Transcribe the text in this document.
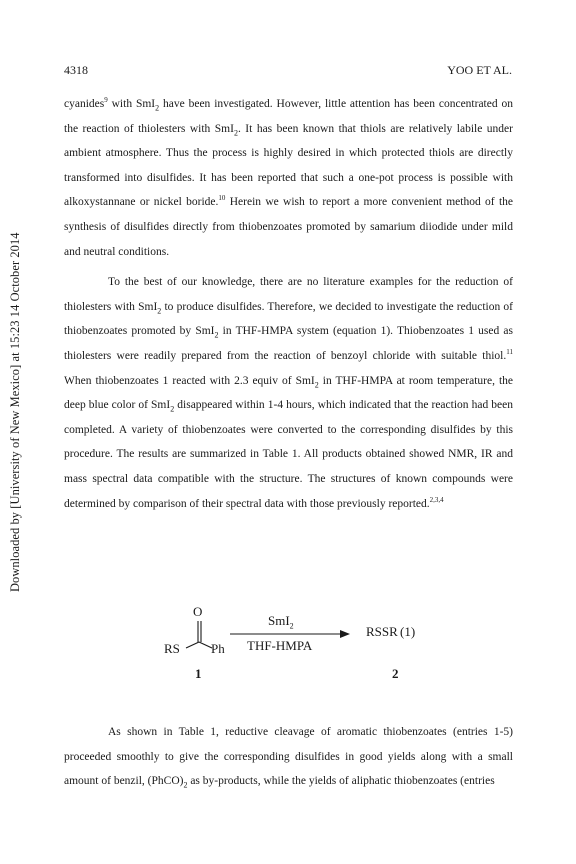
4318	YOO ET AL.
Downloaded by [University of New Mexico] at 15:23 14 October 2014

cyanides$^9$ with SmI$_2$ have been investigated. However, little attention has been concentrated on the reaction of thiolesters with SmI$_2$. It has been known that thiols are relatively labile under ambient atmosphere. Thus the process is highly desired in which protected thiols are directly transformed into disulfides. It has been reported that such a one-pot process is possible with alkoxystannane or nickel boride.$^{10}$ Herein we wish to report a more convenient method of the synthesis of disulfides directly from thiobenzoates promoted by samarium diiodide under mild and neutral conditions.

To the best of our knowledge, there are no literature examples for the reduction of thiolesters with SmI$_2$ to produce disulfides. Therefore, we decided to investigate the reduction of thiobenzoates promoted by SmI$_2$ in THF-HMPA system (equation 1). Thiobenzoates 1 used as thiolesters were readily prepared from the reaction of benzoyl chloride with suitable thiol.$^{11}$ When thiobenzoates 1 reacted with 2.3 equiv of SmI$_2$ in THF-HMPA at room temperature, the deep blue color of SmI$_2$ disappeared within 1-4 hours, which indicated that the reaction had been completed. A variety of thiobenzoates were converted to the corresponding disulfides by this procedure. The results are summarized in Table 1. All products obtained showed NMR, IR and mass spectral data compatible with the structure. The structures of known compounds were determined by comparison of their spectral data with those previously reported.$^{2,3,4}$

O
RS Ph
SmI$_2$
THF-HMPA
RSSR (1)
1	2

As shown in Table 1, reductive cleavage of aromatic thiobenzoates (entries 1-5) proceeded smoothly to give the corresponding disulfides in good yields along with a small amount of benzil, $(PhCO)_2$ as by-products, while the yields of aliphatic thiobenzoates (entries
